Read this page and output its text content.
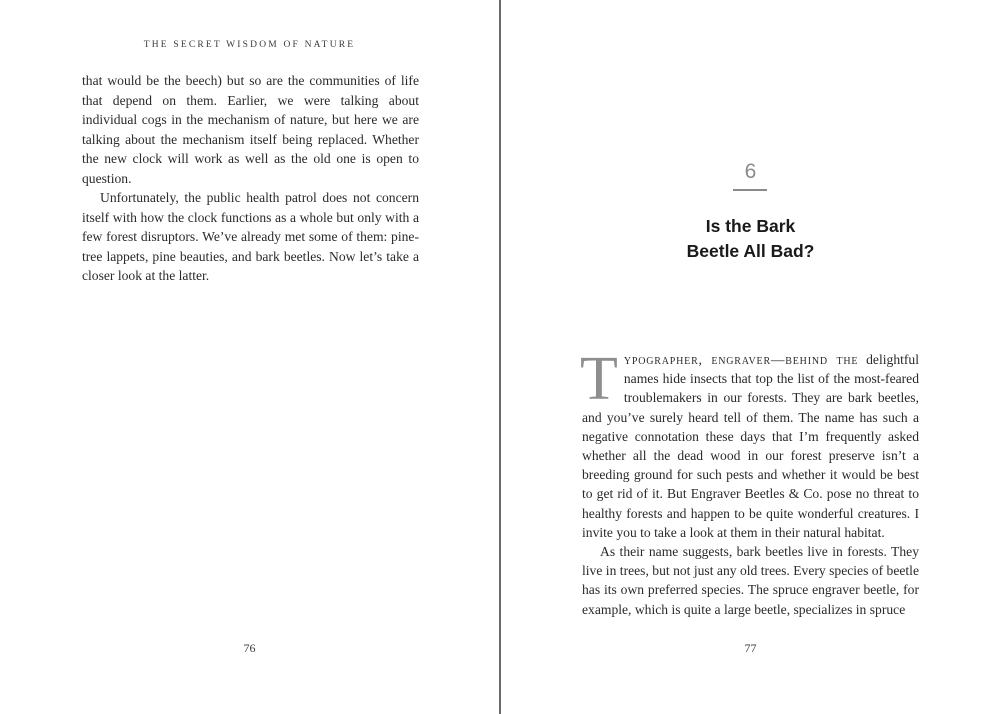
THE SECRET WISDOM OF NATURE

that would be the beech) but so are the communities of life that depend on them. Earlier, we were talking about individual cogs in the mechanism of nature, but here we are talking about the mechanism itself being replaced. Whether the new clock will work as well as the old one is open to question.

Unfortunately, the public health patrol does not concern itself with how the clock functions as a whole but only with a few forest disruptors. We’ve already met some of them: pine-tree lappets, pine beauties, and bark beetles. Now let’s take a closer look at the latter.

76
6
Is the Bark
Beetle All Bad?

Typographer, engraver—behind the delightful names hide insects that top the list of the most-feared troublemakers in our forests. They are bark beetles, and you’ve surely heard tell of them. The name has such a negative connotation these days that I’m frequently asked whether all the dead wood in our forest preserve isn’t a breeding ground for such pests and whether it would be best to get rid of it. But Engraver Beetles & Co. pose no threat to healthy forests and happen to be quite wonderful creatures. I invite you to take a look at them in their natural habitat.

As their name suggests, bark beetles live in forests. They live in trees, but not just any old trees. Every species of beetle has its own preferred species. The spruce engraver beetle, for example, which is quite a large beetle, specializes in spruce

77
